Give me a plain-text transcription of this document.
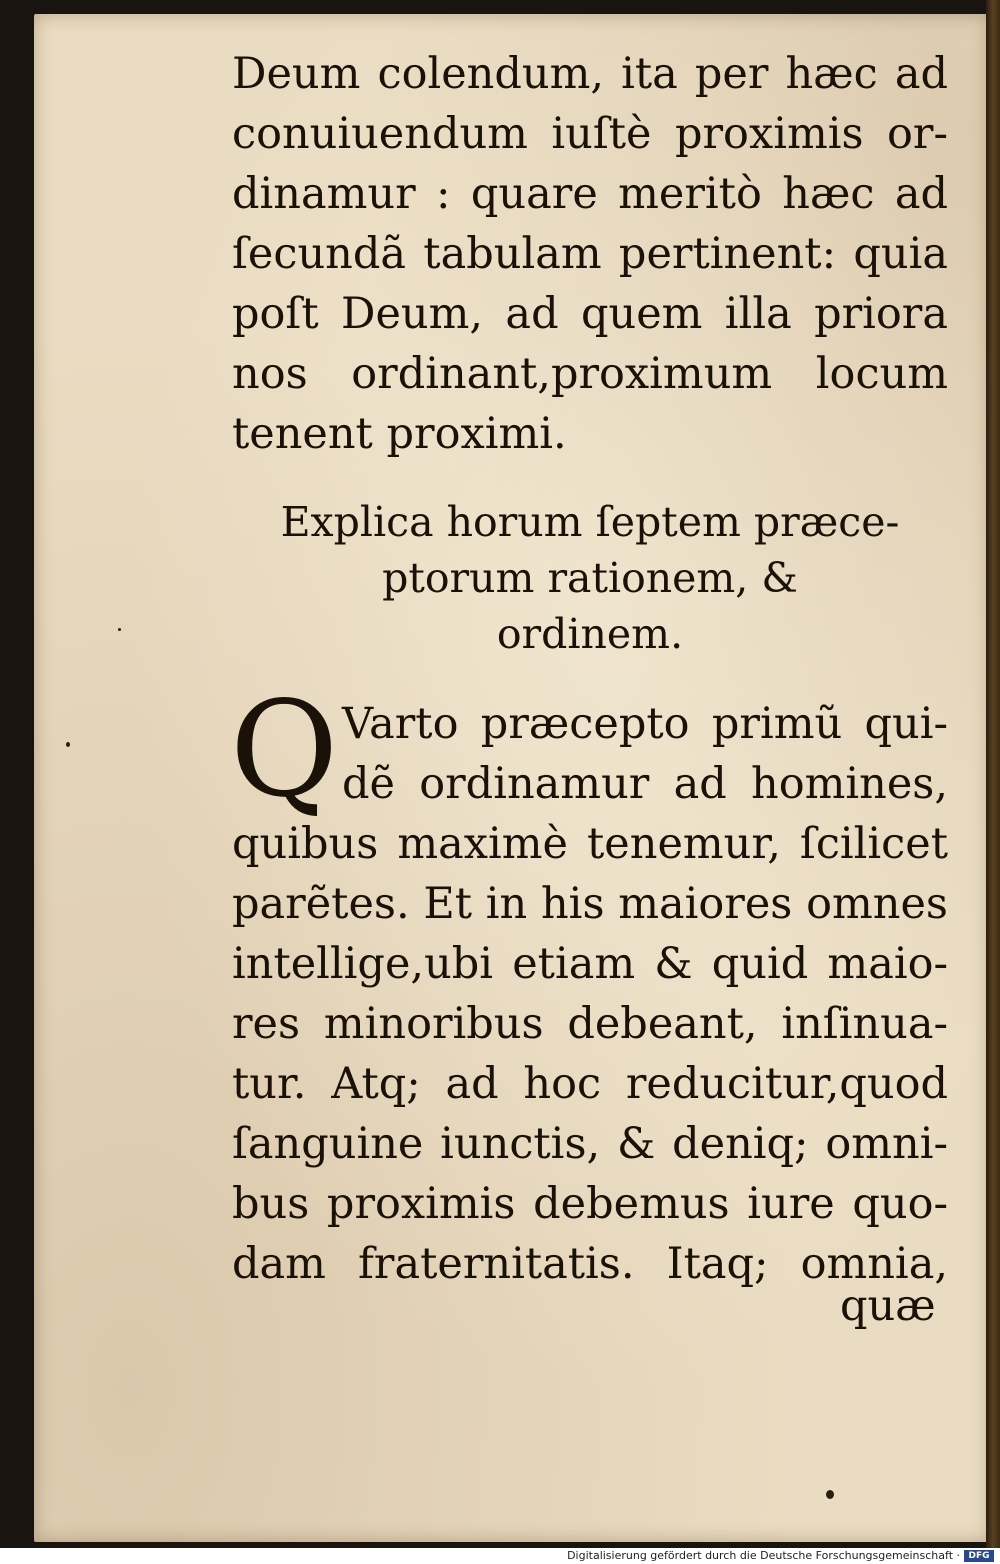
Deum colendum, ita per hæc ad
conuiuendum iuſtè proximis or-
dinamur : quare meritò hæc ad
ſecundã tabulam pertinent: quia
poſt Deum, ad quem illa priora
nos ordinant,proximum locum
tenent proximi.
Explica horum ſeptem præce-
ptorum rationem, &
ordinem.
Q Varto præcepto primũ qui-
dẽ ordinamur ad homines,
quibus maximè tenemur, ſcilicet
parẽtes. Et in his maiores omnes
intellige,ubi etiam & quid maio-
res minoribus debeant, inſinua-
tur. Atq; ad hoc reducitur,quod
ſanguine iunctis, & deniq; omni-
bus proximis debemus iure quo-
dam fraternitatis. Itaq; omnia,
quæ
Digitalisierung gefördert durch die Deutsche Forschungsgemeinschaft · DFG
